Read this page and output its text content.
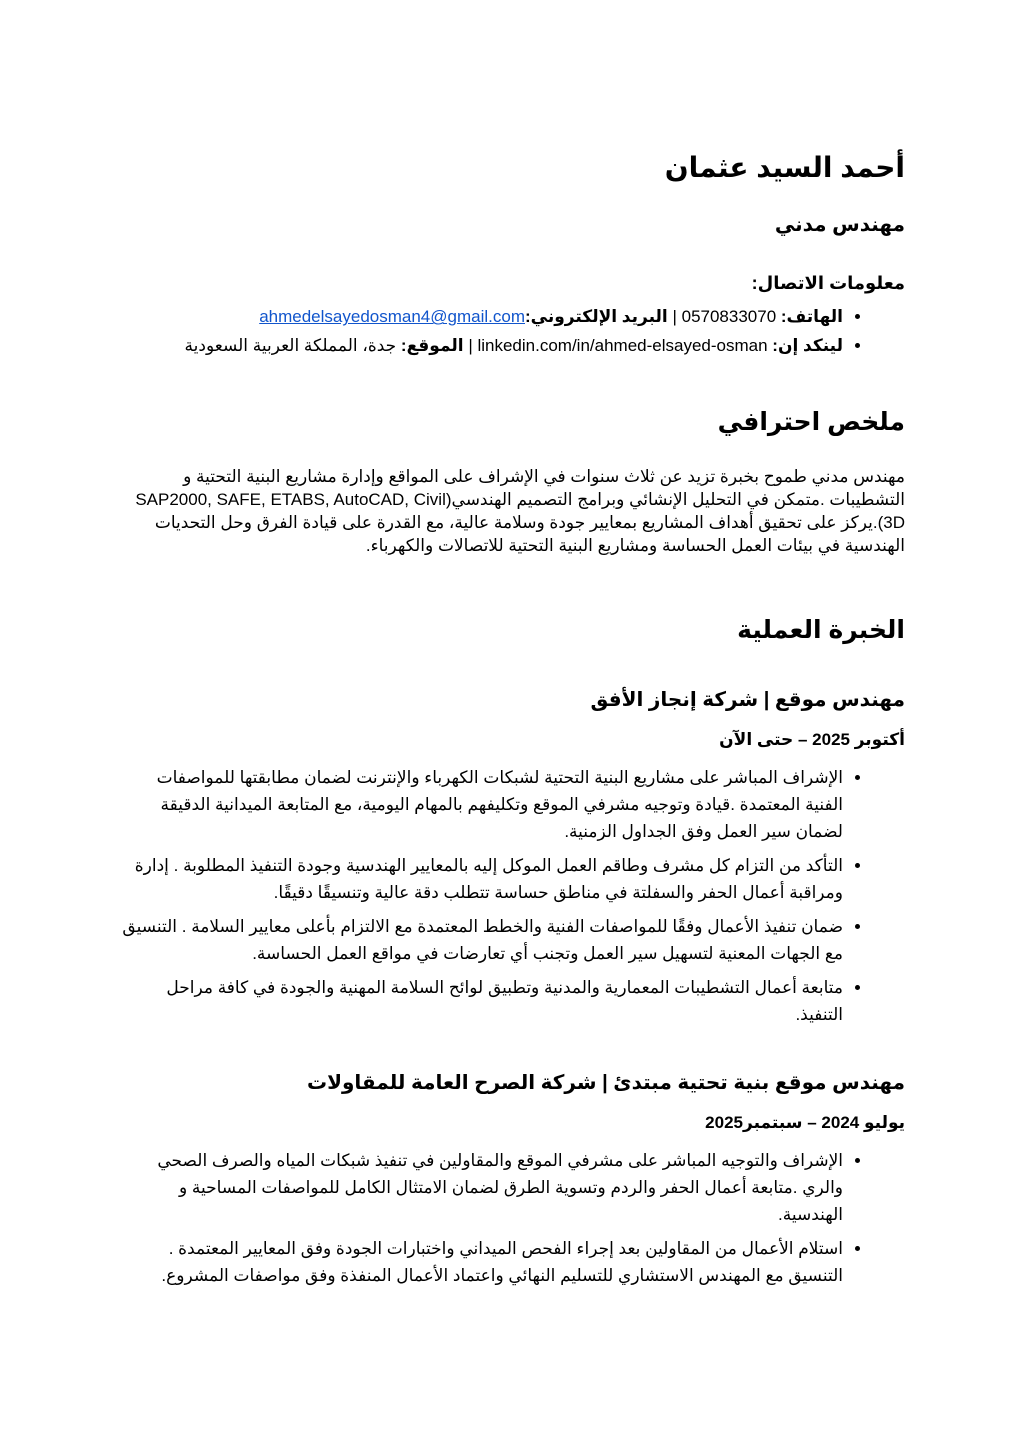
أحمد السيد عثمان
مهندس مدني
معلومات الاتصال:
• الهاتف: 0570833070 | البريد الإلكتروني:ahmedelsayedosman4@gmail.com
• لينكد إن: linkedin.com/in/ahmed-elsayed-osman | الموقع: جدة، المملكة العربية السعودية
ملخص احترافي

مهندس مدني طموح بخبرة تزيد عن ثلاث سنوات في الإشراف على المواقع وإدارة مشاريع البنية التحتية و التشطيبات .متمكن في التحليل الإنشائي وبرامج التصميم الهندسي(SAP2000, SAFE, ETABS, AutoCAD, Civil 3D).يركز على تحقيق أهداف المشاريع بمعايير جودة وسلامة عالية، مع القدرة على قيادة الفرق وحل التحديات الهندسية في بيئات العمل الحساسة ومشاريع البنية التحتية للاتصالات والكهرباء.

الخبرة العملية
مهندس موقع | شركة إنجاز الأفق
أكتوبر 2025 – حتى الآن
• الإشراف المباشر على مشاريع البنية التحتية لشبكات الكهرباء والإنترنت لضمان مطابقتها للمواصفات الفنية المعتمدة .قيادة وتوجيه مشرفي الموقع وتكليفهم بالمهام اليومية، مع المتابعة الميدانية الدقيقة لضمان سير العمل وفق الجداول الزمنية.
• التأكد من التزام كل مشرف وطاقم العمل الموكل إليه بالمعايير الهندسية وجودة التنفيذ المطلوبة . إدارة ومراقبة أعمال الحفر والسفلتة في مناطق حساسة تتطلب دقة عالية وتنسيقًا دقيقًا.
• ضمان تنفيذ الأعمال وفقًا للمواصفات الفنية والخطط المعتمدة مع الالتزام بأعلى معايير السلامة . التنسيق مع الجهات المعنية لتسهيل سير العمل وتجنب أي تعارضات في مواقع العمل الحساسة.
• متابعة أعمال التشطيبات المعمارية والمدنية وتطبيق لوائح السلامة المهنية والجودة في كافة مراحل التنفيذ.
مهندس موقع بنية تحتية مبتدئ | شركة الصرح العامة للمقاولات
يوليو 2024 – سبتمبر2025
• الإشراف والتوجيه المباشر على مشرفي الموقع والمقاولين في تنفيذ شبكات المياه والصرف الصحي والري .متابعة أعمال الحفر والردم وتسوية الطرق لضمان الامتثال الكامل للمواصفات المساحية و الهندسية.
• استلام الأعمال من المقاولين بعد إجراء الفحص الميداني واختبارات الجودة وفق المعايير المعتمدة . التنسيق مع المهندس الاستشاري للتسليم النهائي واعتماد الأعمال المنفذة وفق مواصفات المشروع.
